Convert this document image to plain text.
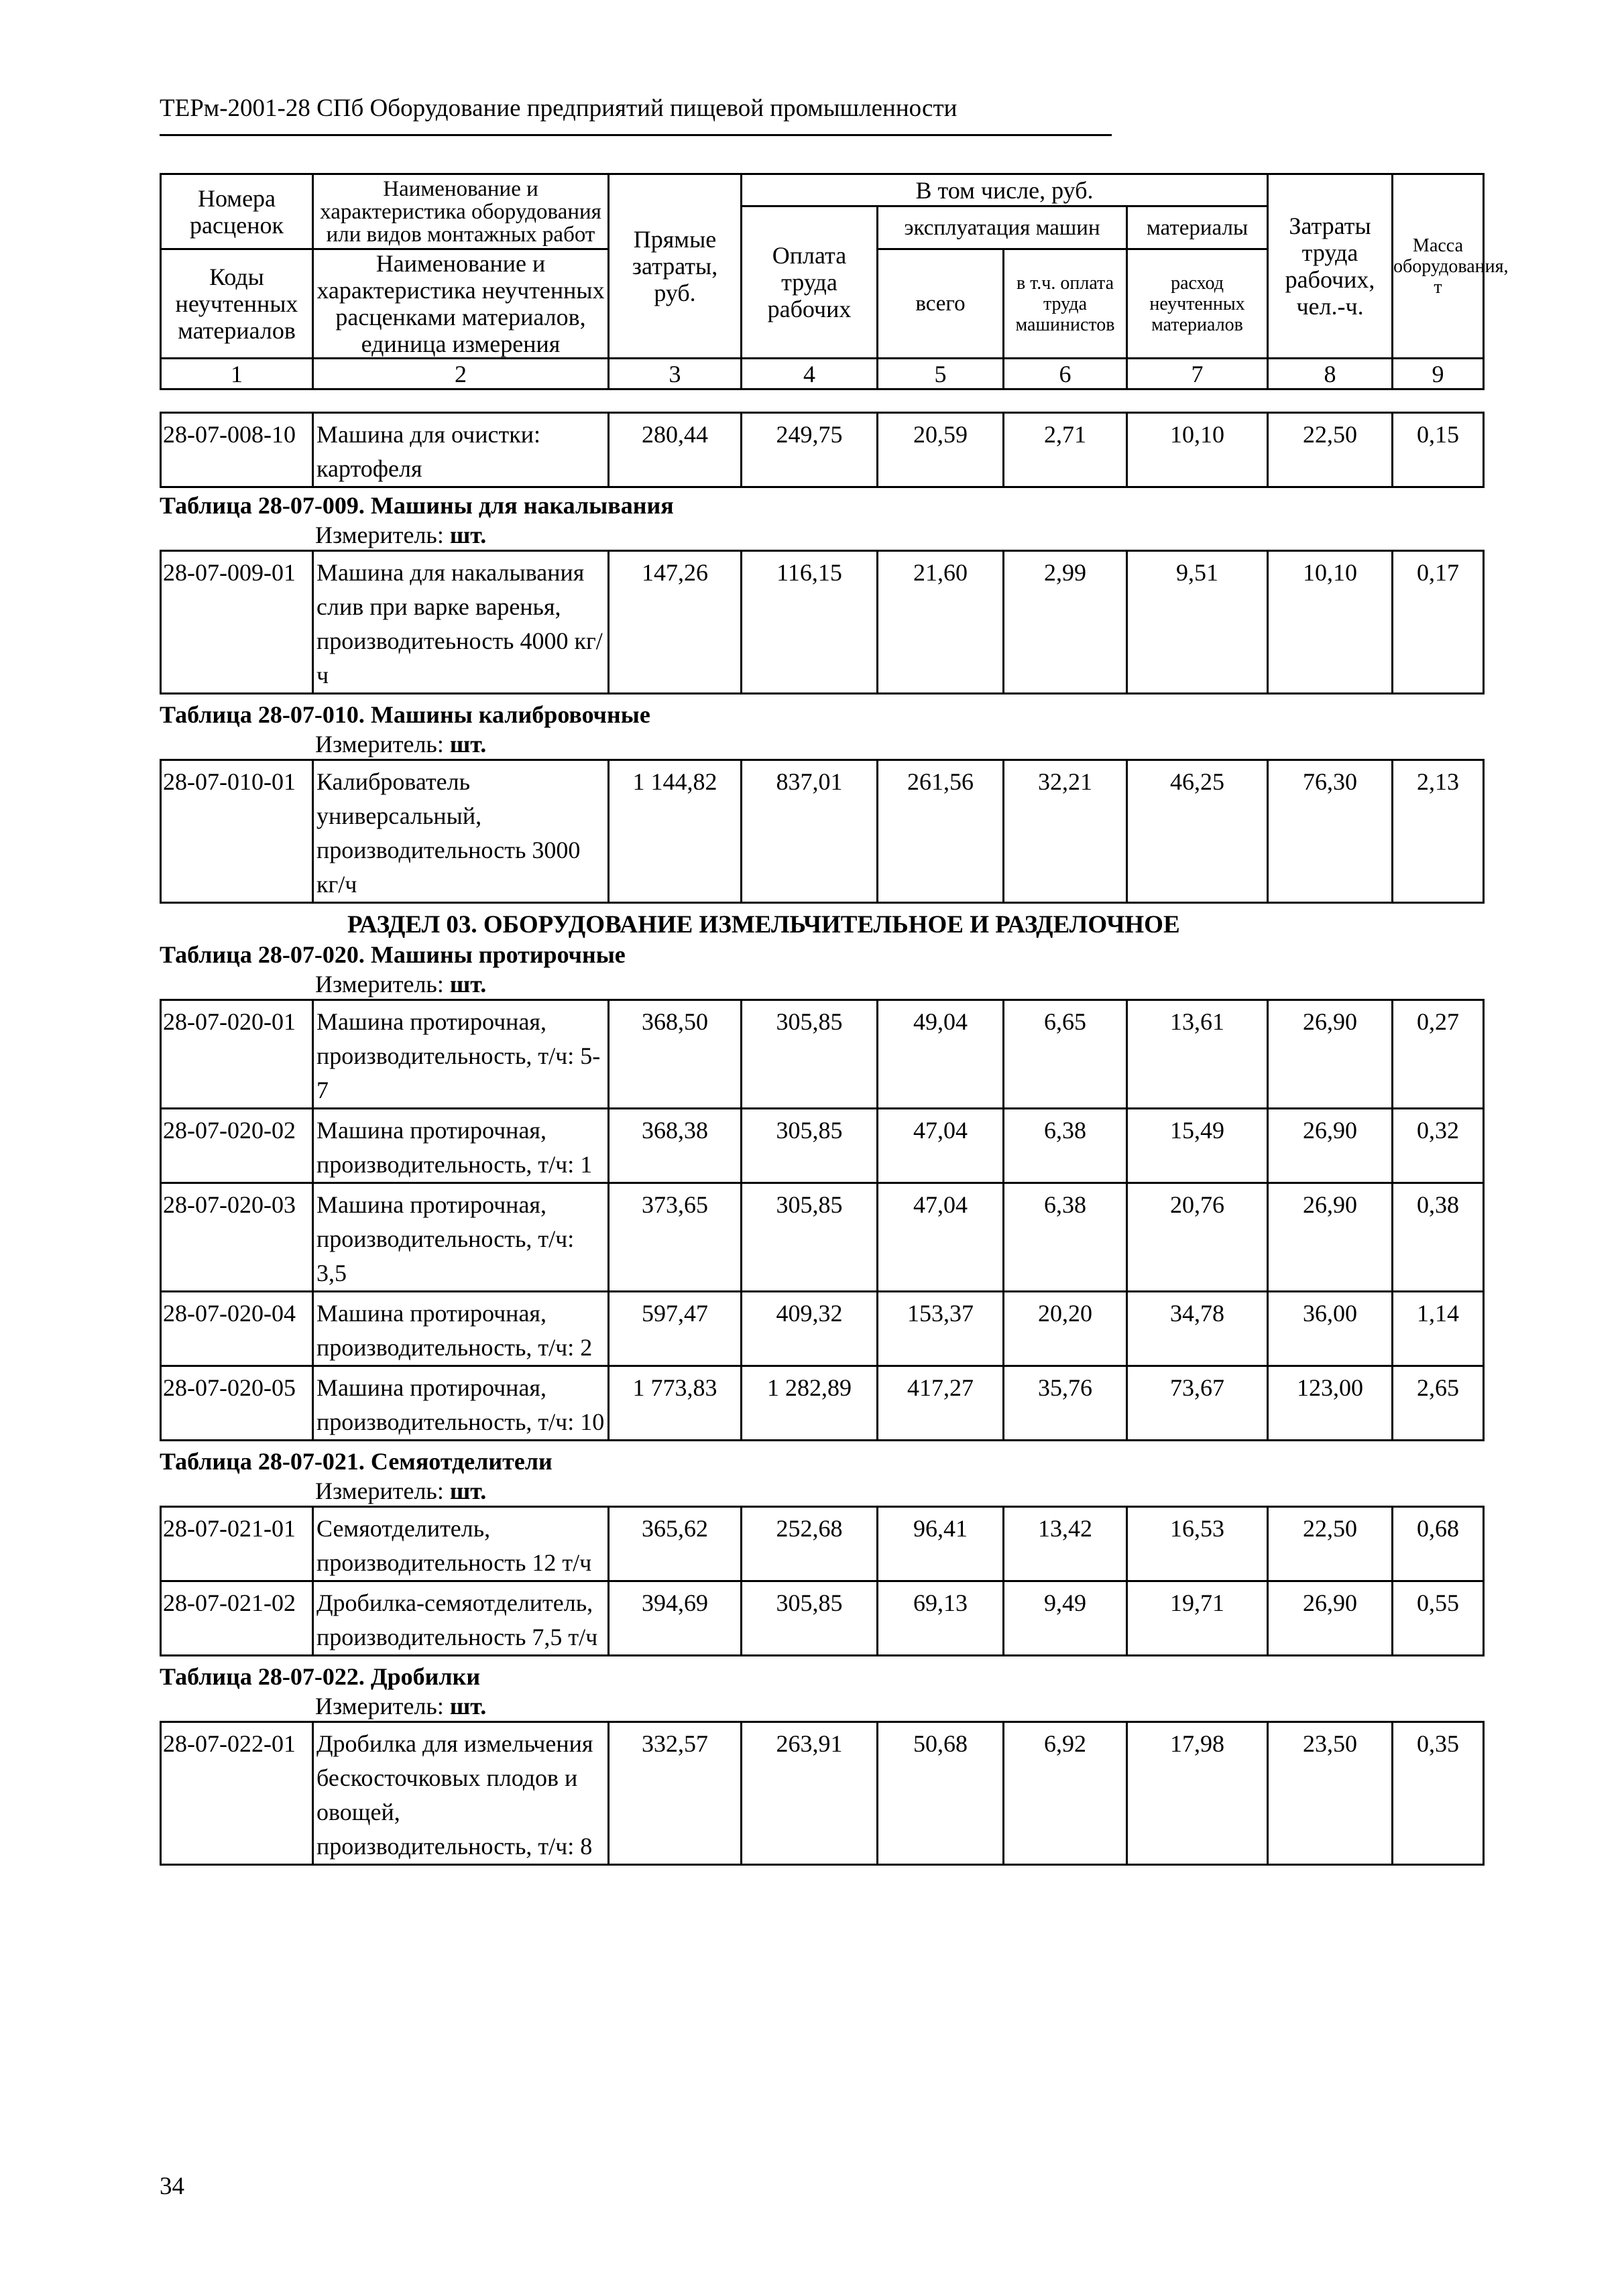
ТЕРм-2001-28 СПб Оборудование предприятий пищевой промышленности
Номера расценок	Наименование и характеристика оборудования или видов монтажных работ	Прямые затраты, руб.	В том числе, руб.				Затраты труда рабочих, чел.-ч.	Масса оборудования, т
			Оплата труда рабочих	эксплуатация машин		материалы		
Коды неучтенных материалов	Наименование и характеристика неучтенных расценками материалов, единица измерения			всего	в т.ч. оплата труда машинистов	расход неучтенных материалов		

1	2	3	4	5	6	7	8	9
28-07-008-10	Машина для очистки: картофеля	280,44	249,75	20,59	2,71	10,10	22,50	0,15
Таблица 28-07-009. Машины для накалывания
Измеритель: шт.
28-07-009-01	Машина для накалывания слив при варке варенья, производитеьность 4000 кг/ч	147,26	116,15	21,60	2,99	9,51	10,10	0,17
Таблица 28-07-010. Машины калибровочные
Измеритель: шт.
28-07-010-01	Калиброватель универсальный, производительность 3000 кг/ч	1 144,82	837,01	261,56	32,21	46,25	76,30	2,13
РАЗДЕЛ 03. ОБОРУДОВАНИЕ ИЗМЕЛЬЧИТЕЛЬНОЕ И РАЗДЕЛОЧНОЕ
Таблица 28-07-020. Машины протирочные
Измеритель: шт.
28-07-020-01	Машина протирочная, производительность, т/ч: 5-7	368,50	305,85	49,04	6,65	13,61	26,90	0,27
28-07-020-02	Машина протирочная, производительность, т/ч: 1	368,38	305,85	47,04	6,38	15,49	26,90	0,32
28-07-020-03	Машина протирочная, производительность, т/ч: 3,5	373,65	305,85	47,04	6,38	20,76	26,90	0,38
28-07-020-04	Машина протирочная, производительность, т/ч: 2	597,47	409,32	153,37	20,20	34,78	36,00	1,14
28-07-020-05	Машина протирочная, производительность, т/ч: 10	1 773,83	1 282,89	417,27	35,76	73,67	123,00	2,65
Таблица 28-07-021. Семяотделители
Измеритель: шт.
28-07-021-01	Семяотделитель, производительность 12 т/ч	365,62	252,68	96,41	13,42	16,53	22,50	0,68
28-07-021-02	Дробилка-семяотделитель, производительность 7,5 т/ч	394,69	305,85	69,13	9,49	19,71	26,90	0,55
Таблица 28-07-022. Дробилки
Измеритель: шт.
28-07-022-01	Дробилка для измельчения бескосточковых плодов и овощей, производительность, т/ч: 8	332,57	263,91	50,68	6,92	17,98	23,50	0,35
34
